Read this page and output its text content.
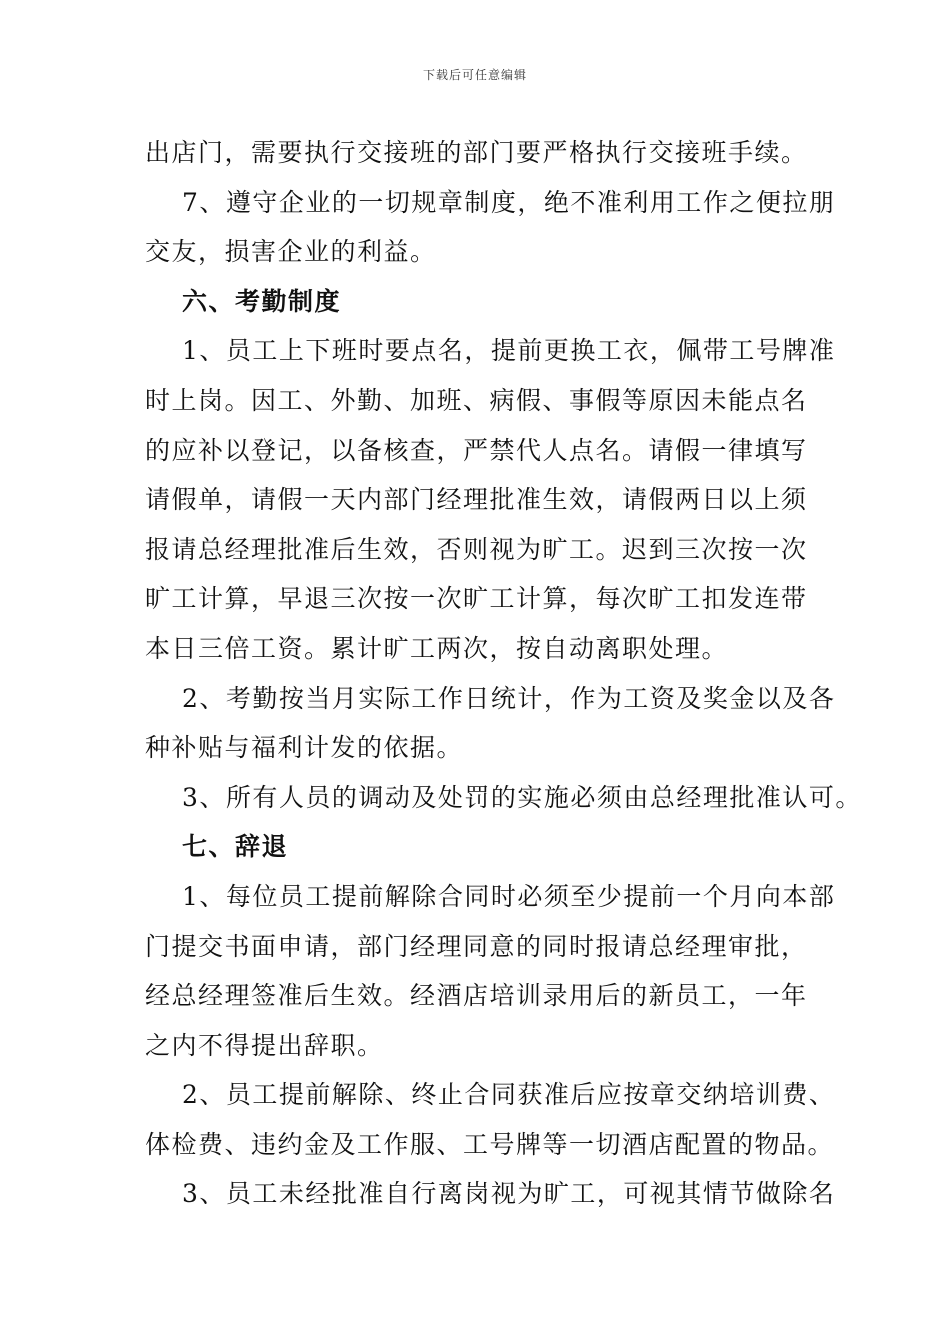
下载后可任意编辑
出店门，需要执行交接班的部门要严格执行交接班手续。
7、遵守企业的一切规章制度，绝不准利用工作之便拉朋
交友，损害企业的利益。
六、考勤制度
1、员工上下班时要点名，提前更换工衣，佩带工号牌准
时上岗。因工、外勤、加班、病假、事假等原因未能点名
的应补以登记，以备核查，严禁代人点名。请假一律填写
请假单，请假一天内部门经理批准生效，请假两日以上须
报请总经理批准后生效，否则视为旷工。迟到三次按一次
旷工计算，早退三次按一次旷工计算，每次旷工扣发连带
本日三倍工资。累计旷工两次，按自动离职处理。
2、考勤按当月实际工作日统计，作为工资及奖金以及各
种补贴与福利计发的依据。
3、所有人员的调动及处罚的实施必须由总经理批准认可。
七、辞退
1、每位员工提前解除合同时必须至少提前一个月向本部
门提交书面申请，部门经理同意的同时报请总经理审批，
经总经理签准后生效。经酒店培训录用后的新员工，一年
之内不得提出辞职。
2、员工提前解除、终止合同获准后应按章交纳培训费、
体检费、违约金及工作服、工号牌等一切酒店配置的物品。
3、员工未经批准自行离岗视为旷工，可视其情节做除名
